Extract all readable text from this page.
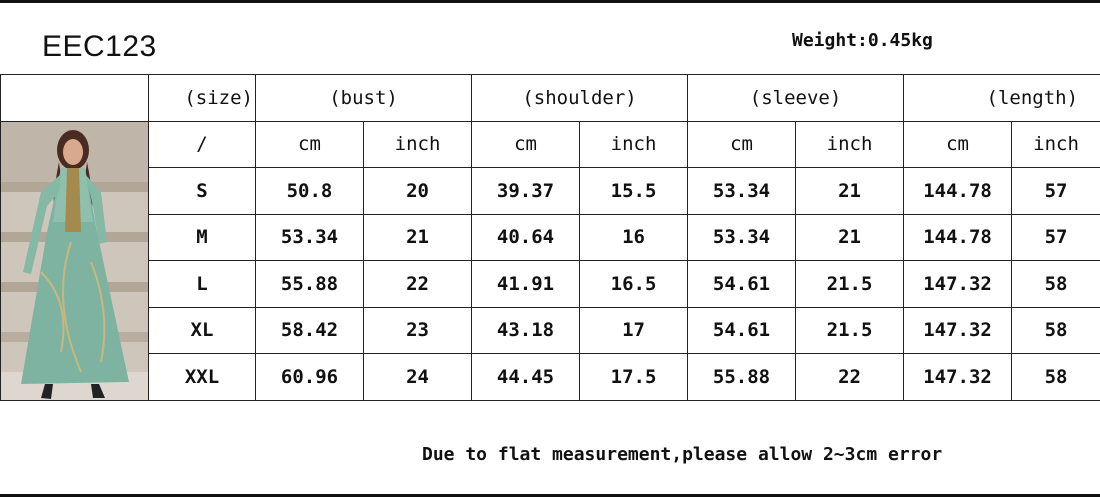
EEC123	Weight:0.45kg
	(size)	(bust)		(shoulder)		(sleeve)		(length)	

	/	cm	inch	cm	inch	cm	inch	cm	inch
	S	50.8	20	39.37	15.5	53.34	21	144.78	57
	M	53.34	21	40.64	16	53.34	21	144.78	57
	L	55.88	22	41.91	16.5	54.61	21.5	147.32	58
	XL	58.42	23	43.18	17	54.61	21.5	147.32	58
	XXL	60.96	24	44.45	17.5	55.88	22	147.32	58
Due to flat measurement,please allow 2~3cm error
